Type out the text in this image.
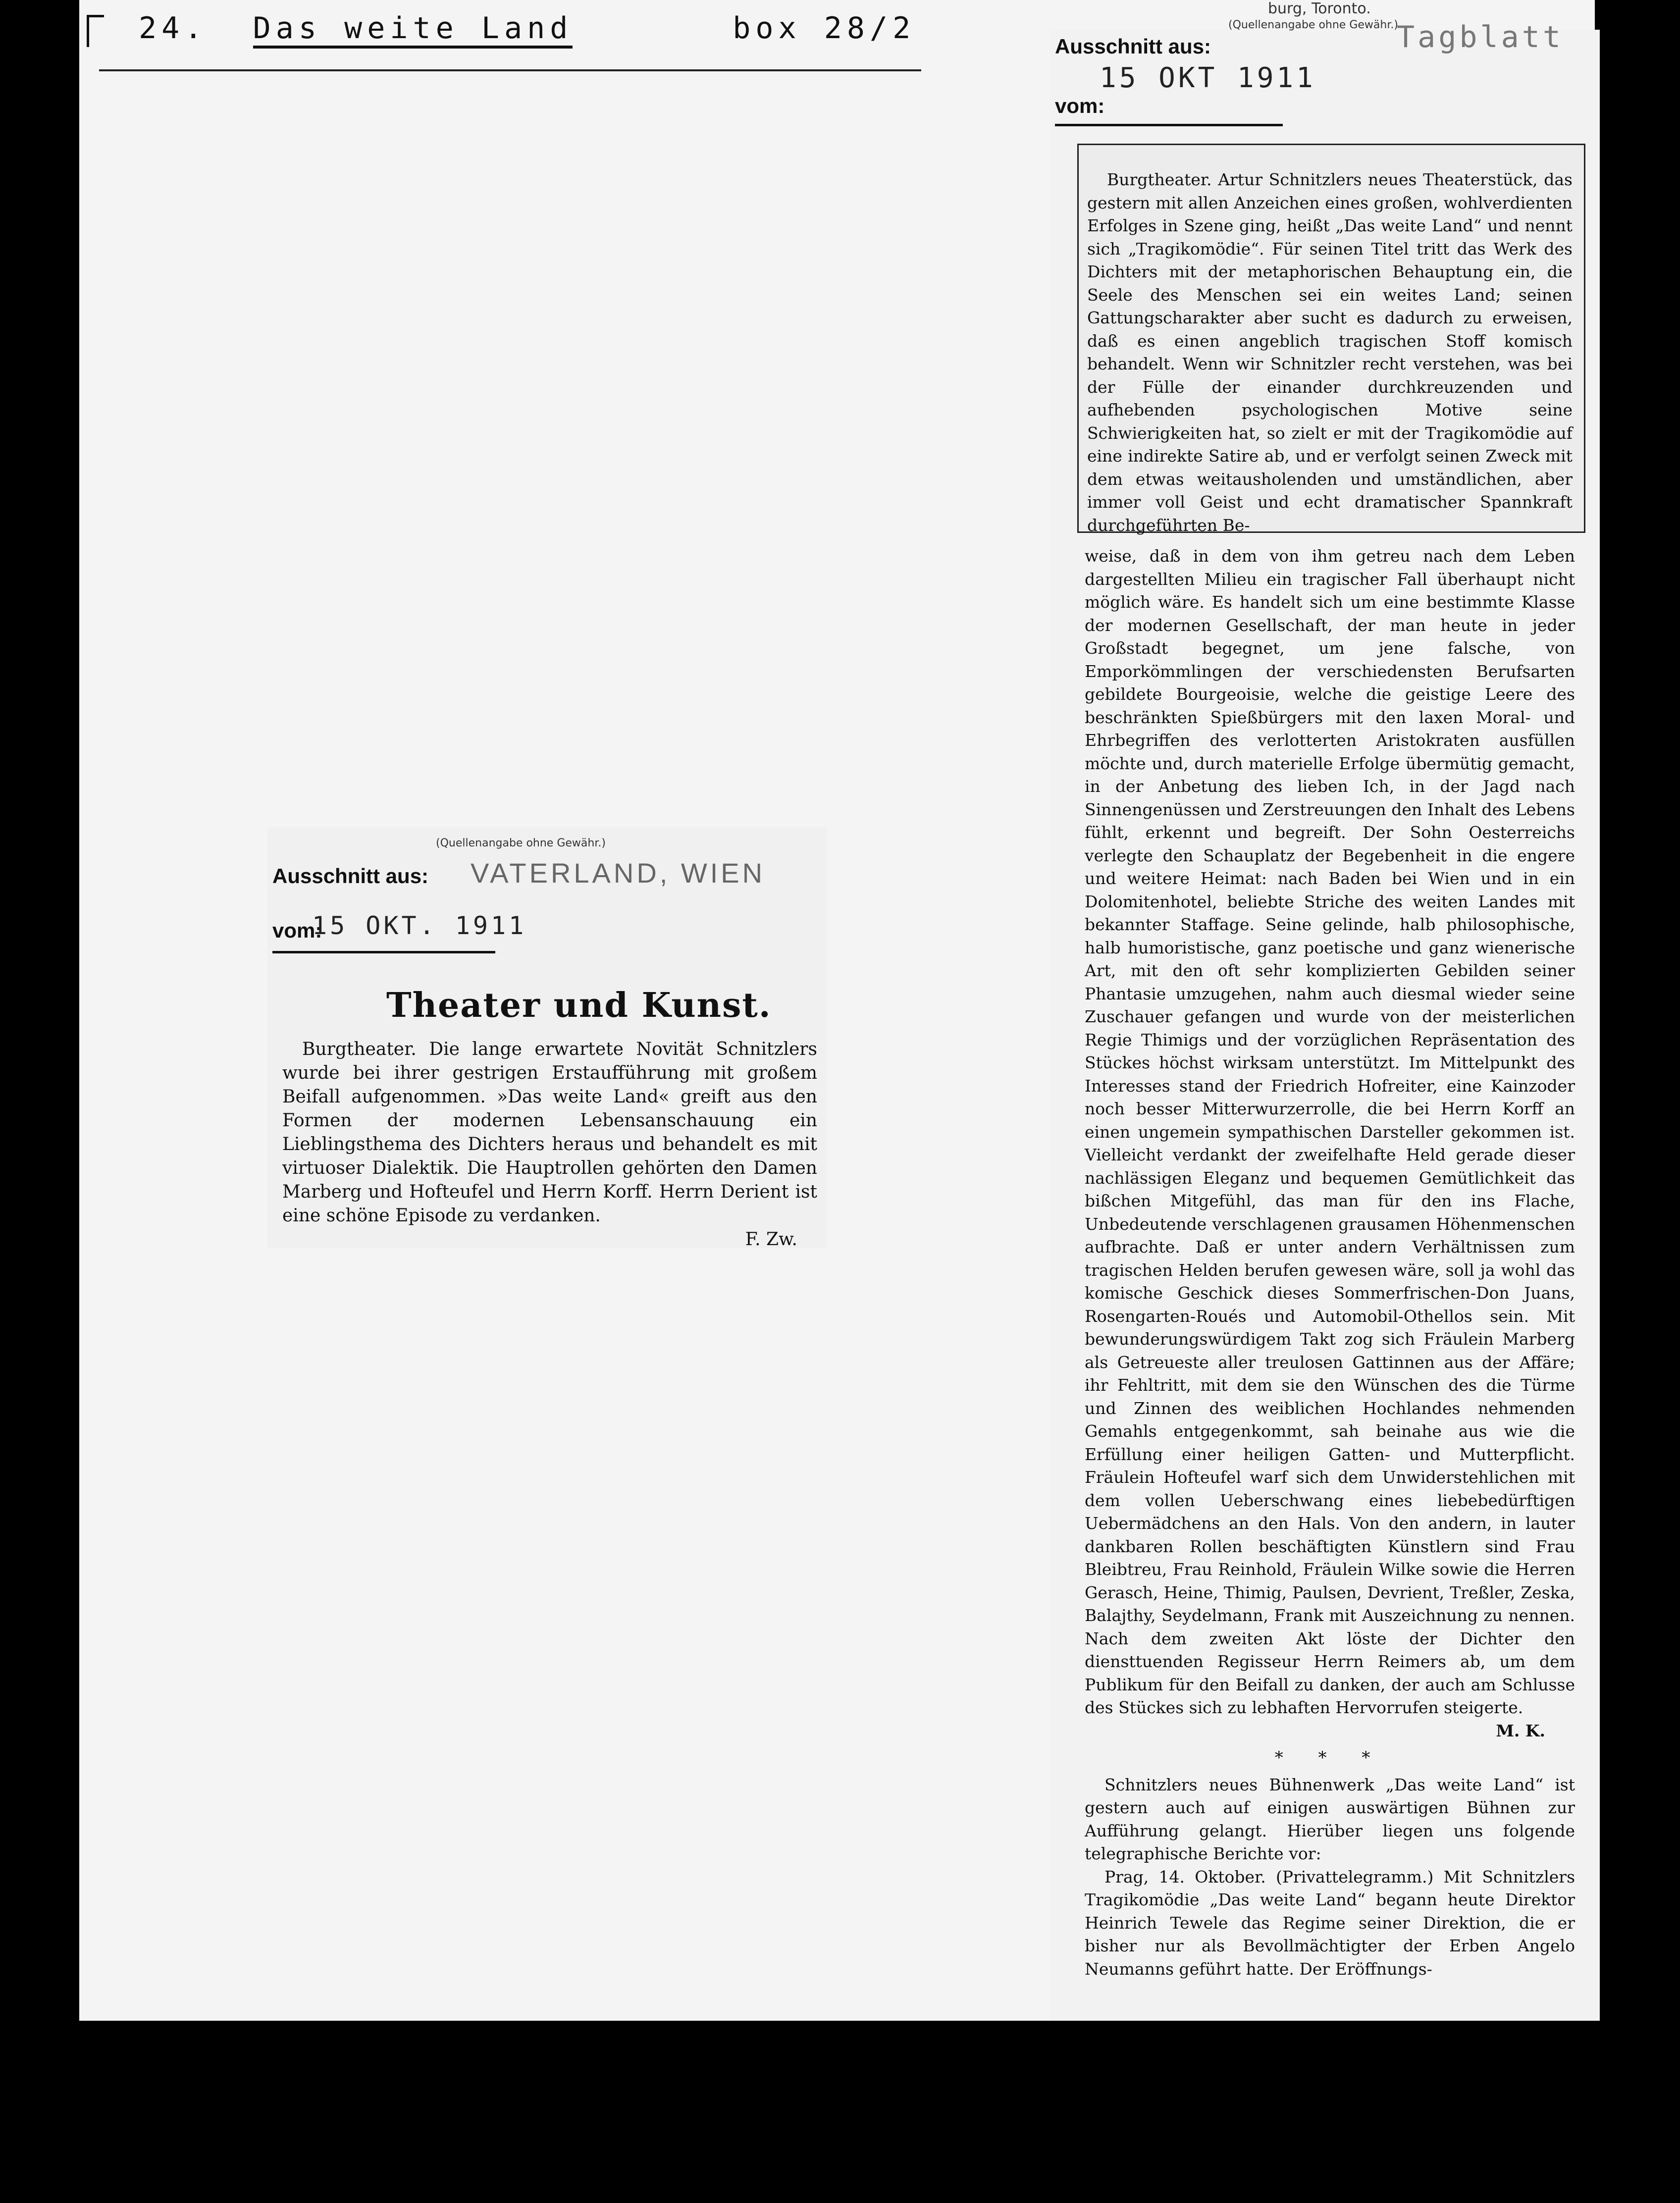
24. Das weite Land	box 28/2
burg, Toronto.
(Quellenangabe ohne Gewähr.)
Ausschnitt aus:	Tagblatt
15 OKT 1911
vom:

Burgtheater. Artur Schnitzlers neues Theaterstück, das gestern mit allen Anzeichen eines großen, wohlverdienten Erfolges in Szene ging, heißt „Das weite Land“ und nennt sich „Tragikomödie“. Für seinen Titel tritt das Werk des Dichters mit der metaphorischen Behauptung ein, die Seele des Menschen sei ein weites Land; seinen Gattungscharakter aber sucht es dadurch zu erweisen, daß es einen angeblich tragischen Stoff komisch behandelt. Wenn wir Schnitzler recht verstehen, was bei der Fülle der einander durchkreuzenden und aufhebenden psychologischen Motive seine Schwierigkeiten hat, so zielt er mit der Tragikomödie auf eine indirekte Satire ab, und er verfolgt seinen Zweck mit dem etwas weitausholenden und umständlichen, aber immer voll Geist und echt dramatischer Spannkraft durchgeführten Be-

weise, daß in dem von ihm getreu nach dem Leben dargestellten Milieu ein tragischer Fall überhaupt nicht möglich wäre. Es handelt sich um eine bestimmte Klasse der modernen Gesellschaft, der man heute in jeder Großstadt begegnet, um jene falsche, von Emporkömmlingen der verschiedensten Berufsarten gebildete Bourgeoisie, welche die geistige Leere des beschränkten Spießbürgers mit den laxen Moral- und Ehrbegriffen des verlotterten Aristokraten ausfüllen möchte und, durch materielle Erfolge übermütig gemacht, in der Anbetung des lieben Ich, in der Jagd nach Sinnengenüssen und Zerstreuungen den Inhalt des Lebens fühlt, erkennt und begreift. Der Sohn Oesterreichs verlegte den Schauplatz der Begebenheit in die engere und weitere Heimat: nach Baden bei Wien und in ein Dolomitenhotel, beliebte Striche des weiten Landes mit bekannter Staffage. Seine gelinde, halb philosophische, halb humoristische, ganz poetische und ganz wienerische Art, mit den oft sehr komplizierten Gebilden seiner Phantasie umzugehen, nahm auch diesmal wieder seine Zuschauer gefangen und wurde von der meisterlichen Regie Thimigs und der vorzüglichen Repräsentation des Stückes höchst wirksam unterstützt. Im Mittelpunkt des Interesses stand der Friedrich Hofreiter, eine Kainzoder noch besser Mitterwurzerrolle, die bei Herrn Korff an einen ungemein sympathischen Darsteller gekommen ist. Vielleicht verdankt der zweifelhafte Held gerade dieser nachlässigen Eleganz und bequemen Gemütlichkeit das bißchen Mitgefühl, das man für den ins Flache, Unbedeutende verschlagenen grausamen Höhenmenschen aufbrachte. Daß er unter andern Verhältnissen zum tragischen Helden berufen gewesen wäre, soll ja wohl das komische Geschick dieses Sommerfrischen-Don Juans, Rosengarten-Roués und Automobil-Othellos sein. Mit bewunderungswürdigem Takt zog sich Fräulein Marberg als Getreueste aller treulosen Gattinnen aus der Affäre; ihr Fehltritt, mit dem sie den Wünschen des die Türme und Zinnen des weiblichen Hochlandes nehmenden Gemahls entgegenkommt, sah beinahe aus wie die Erfüllung einer heiligen Gatten- und Mutterpflicht. Fräulein Hofteufel warf sich dem Unwiderstehlichen mit dem vollen Ueberschwang eines liebebedürftigen Uebermädchens an den Hals. Von den andern, in lauter dankbaren Rollen beschäftigten Künstlern sind Frau Bleibtreu, Frau Reinhold, Fräulein Wilke sowie die Herren Gerasch, Heine, Thimig, Paulsen, Devrient, Treßler, Zeska, Balajthy, Seydelmann, Frank mit Auszeichnung zu nennen. Nach dem zweiten Akt löste der Dichter den diensttuenden Regisseur Herrn Reimers ab, um dem Publikum für den Beifall zu danken, der auch am Schlusse des Stückes sich zu lebhaften Hervorrufen steigerte.

M. K.
* * *

Schnitzlers neues Bühnenwerk „Das weite Land“ ist gestern auch auf einigen auswärtigen Bühnen zur Aufführung gelangt. Hierüber liegen uns folgende telegraphische Berichte vor:

Prag, 14. Oktober. (Privattelegramm.) Mit Schnitzlers Tragikomödie „Das weite Land“ begann heute Direktor Heinrich Tewele das Regime seiner Direktion, die er bisher nur als Bevollmächtigter der Erben Angelo Neumanns geführt hatte. Der Eröffnungs-

(Quellenangabe ohne Gewähr.)
Ausschnitt aus: VATERLAND, WIEN
vom:
15 OKT. 1911
Theater und Kunst.

Burgtheater. Die lange erwartete Novität Schnitzlers wurde bei ihrer gestrigen Erstaufführung mit großem Beifall aufgenommen. »Das weite Land« greift aus den Formen der modernen Lebensanschauung ein Lieblingsthema des Dichters heraus und behandelt es mit virtuoser Dialektik. Die Hauptrollen gehörten den Damen Marberg und Hofteufel und Herrn Korff. Herrn Derient ist eine schöne Episode zu verdanken.

F. Zw.
